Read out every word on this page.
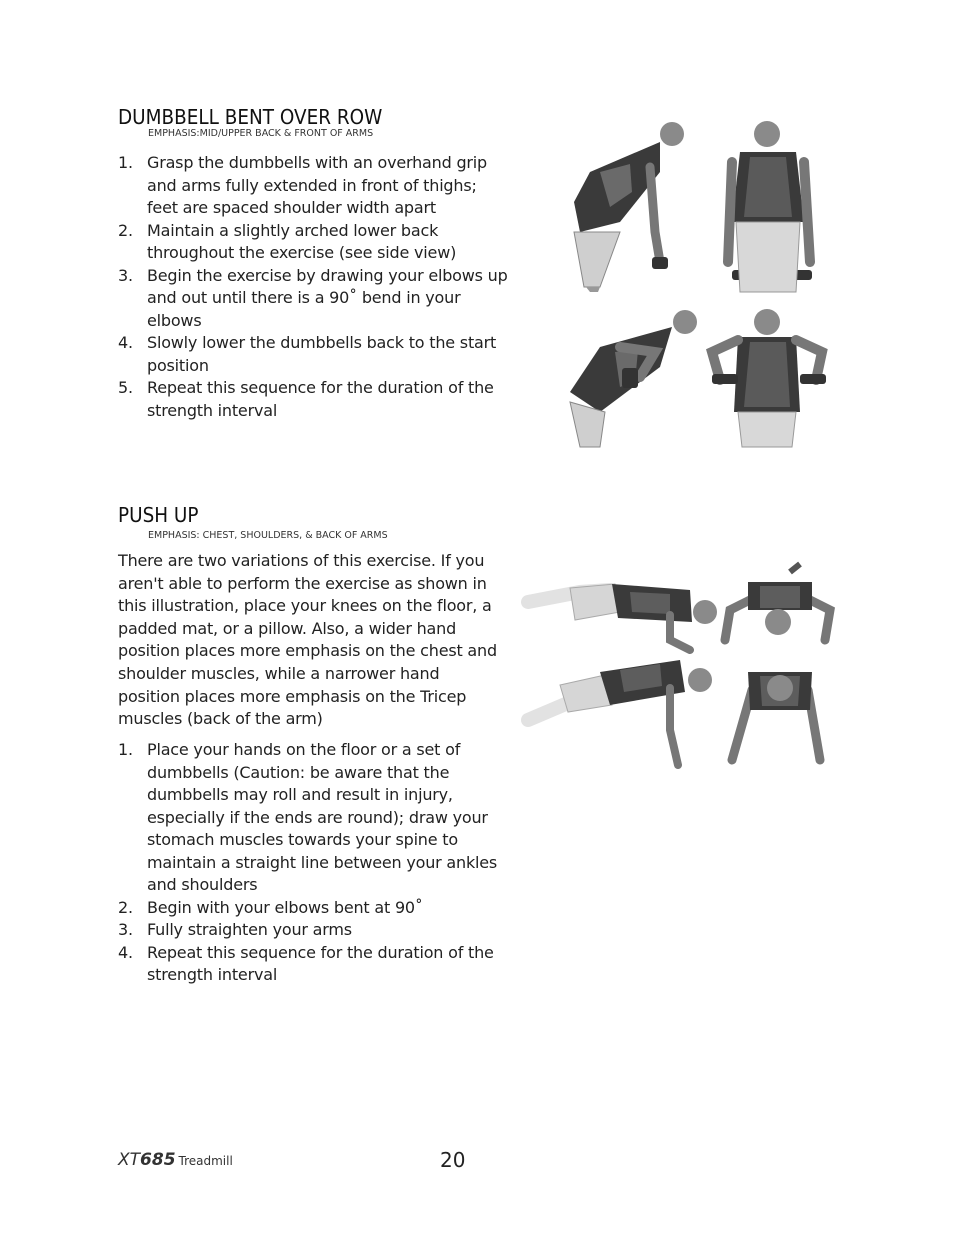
DUMBBELL BENT OVER ROW

EMPHASIS:MID/UPPER BACK & FRONT OF ARMS

1. Grasp the dumbbells with an overhand grip and arms fully extended in front of thighs; feet are spaced shoulder width apart
2. Maintain a slightly arched lower back throughout the exercise (see side view)
3. Begin the exercise by drawing your elbows up and out until there is a 90˚ bend in your elbows
4. Slowly lower the dumbbells back to the start position
5. Repeat this sequence for the duration of the strength interval
PUSH UP

EMPHASIS: CHEST, SHOULDERS, & BACK OF ARMS

There are two variations of this exercise. If you aren't able to perform the exercise as shown in this illustration, place your knees on the floor, a padded mat, or a pillow. Also, a wider hand position places more emphasis on the chest and shoulder muscles, while a narrower hand position places more emphasis on the Tricep muscles (back of the arm)

1. Place your hands on the floor or a set of dumbbells (Caution: be aware that the dumbbells may roll and result in injury, especially if the ends are round); draw your stomach muscles towards your spine to maintain a straight line between your ankles and shoulders
2. Begin with your elbows bent at 90˚
3. Fully straighten your arms
4. Repeat this sequence for the duration of the strength interval

XT685 Treadmill	20
